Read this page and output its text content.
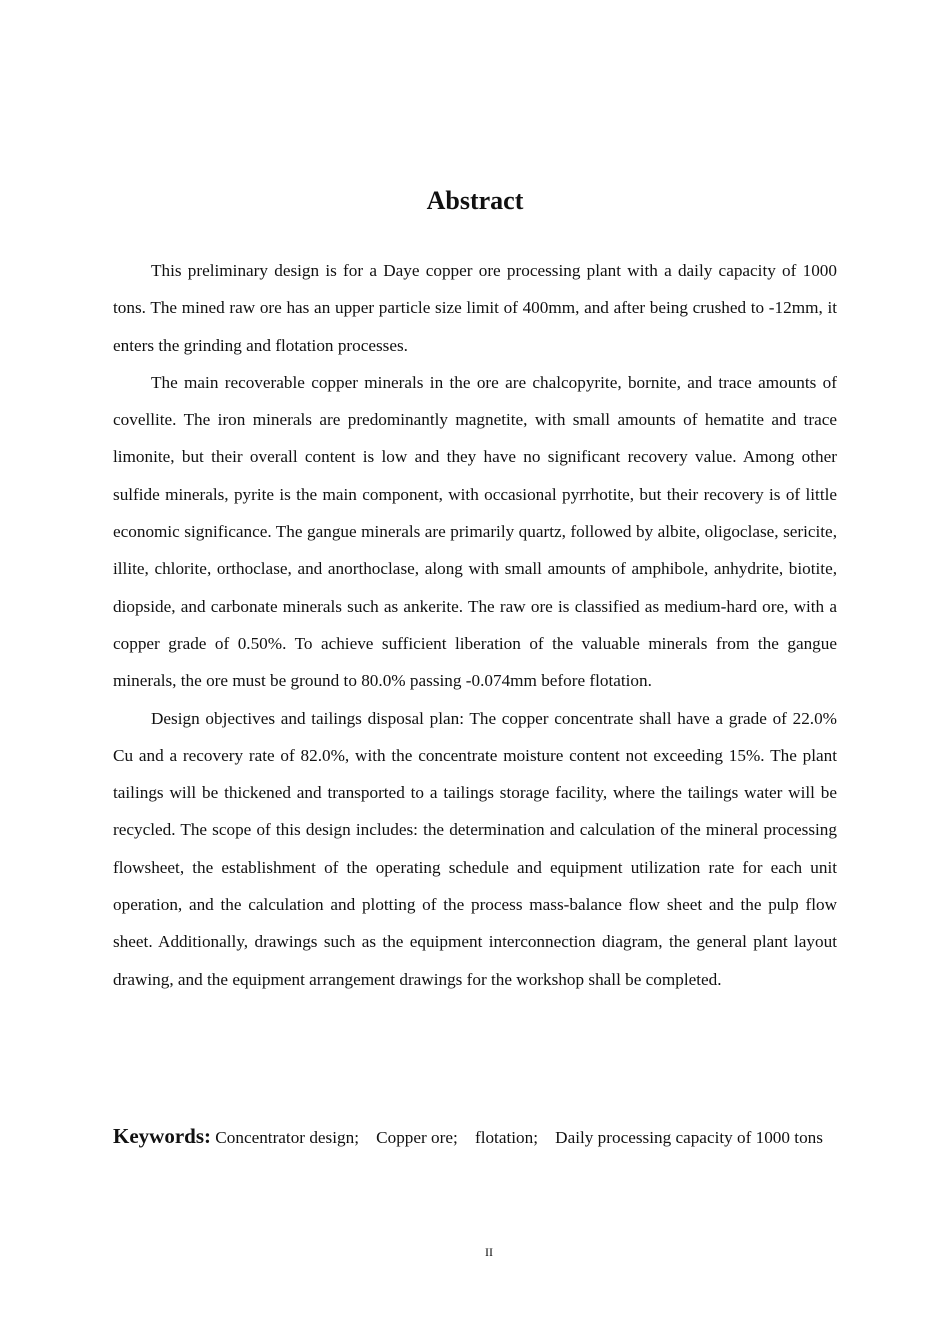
Abstract

This preliminary design is for a Daye copper ore processing plant with a daily capacity of 1000 tons. The mined raw ore has an upper particle size limit of 400mm, and after being crushed to -12mm, it enters the grinding and flotation processes.

The main recoverable copper minerals in the ore are chalcopyrite, bornite, and trace amounts of covellite. The iron minerals are predominantly magnetite, with small amounts of hematite and trace limonite, but their overall content is low and they have no significant recovery value. Among other sulfide minerals, pyrite is the main component, with occasional pyrrhotite, but their recovery is of little economic significance. The gangue minerals are primarily quartz, followed by albite, oligoclase, sericite, illite, chlorite, orthoclase, and anorthoclase, along with small amounts of amphibole, anhydrite, biotite, diopside, and carbonate minerals such as ankerite. The raw ore is classified as medium-hard ore, with a copper grade of 0.50%. To achieve sufficient liberation of the valuable minerals from the gangue minerals, the ore must be ground to 80.0% passing -0.074mm before flotation.

Design objectives and tailings disposal plan: The copper concentrate shall have a grade of 22.0% Cu and a recovery rate of 82.0%, with the concentrate moisture content not exceeding 15%. The plant tailings will be thickened and transported to a tailings storage facility, where the tailings water will be recycled. The scope of this design includes: the determination and calculation of the mineral processing flowsheet, the establishment of the operating schedule and equipment utilization rate for each unit operation, and the calculation and plotting of the process mass-balance flow sheet and the pulp flow sheet. Additionally, drawings such as the equipment interconnection diagram, the general plant layout drawing, and the equipment arrangement drawings for the workshop shall be completed.

Keywords: Concentrator design; Copper ore; flotation; Daily processing capacity of 1000 tons
II
